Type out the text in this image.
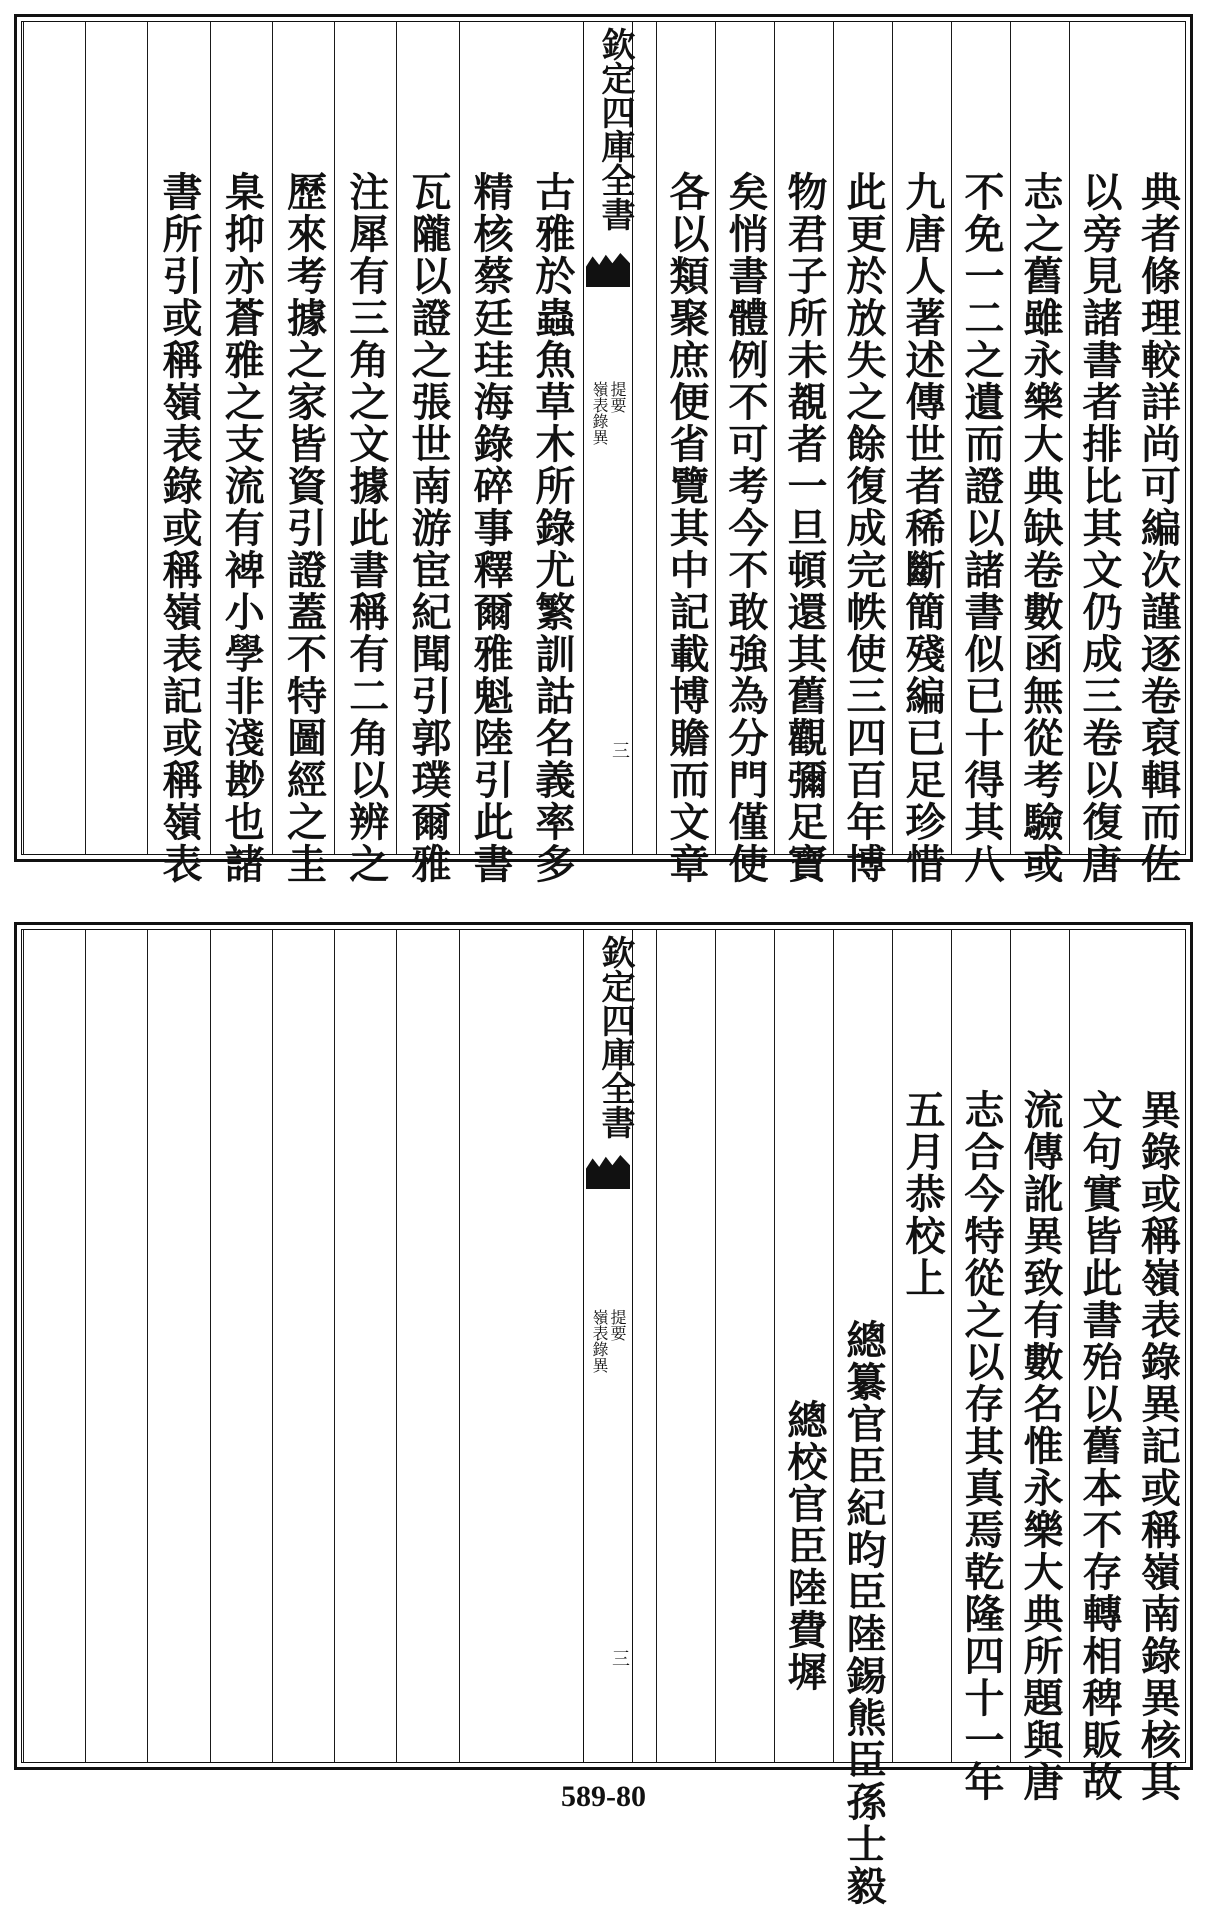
典者條理較詳尚可編次謹逐卷裒輯而佐
以旁見諸書者排比其文仍成三卷以復唐
志之舊雖永樂大典缺卷數函無從考驗或
不免一二之遺而證以諸書似已十得其八
九唐人著述傳世者稀斷簡殘編已足珍惜
此更於放失之餘復成完帙使三四百年博
物君子所未覩者一旦頓還其舊觀彌足寶
矣悄書體例不可考今不敢強為分門僅使
各以類聚庶便省覽其中記載博贍而文章
欽定四庫全書
嶺表錄異 提要
三
古雅於蟲魚草木所錄尤繁訓詁名義率多
精核蔡廷珪海錄碎事釋爾雅魁陸引此書
瓦隴以證之張世南游宦紀聞引郭璞爾雅
注犀有三角之文據此書稱有二角以辨之
歷來考據之家皆資引證蓋不特圖經之圭
臬抑亦蒼雅之支流有裨小學非淺尠也諸
書所引或稱嶺表錄或稱嶺表記或稱嶺表
異錄或稱嶺表錄異記或稱嶺南錄異核其
文句實皆此書殆以舊本不存轉相稗販故
流傳訛異致有數名惟永樂大典所題與唐
志合今特從之以存其真焉乾隆四十一年
五月恭校上
總纂官臣紀昀臣陸錫熊臣孫士毅
總校官臣陸費墀
欽定四庫全書
嶺表錄異 提要
三
589-80
